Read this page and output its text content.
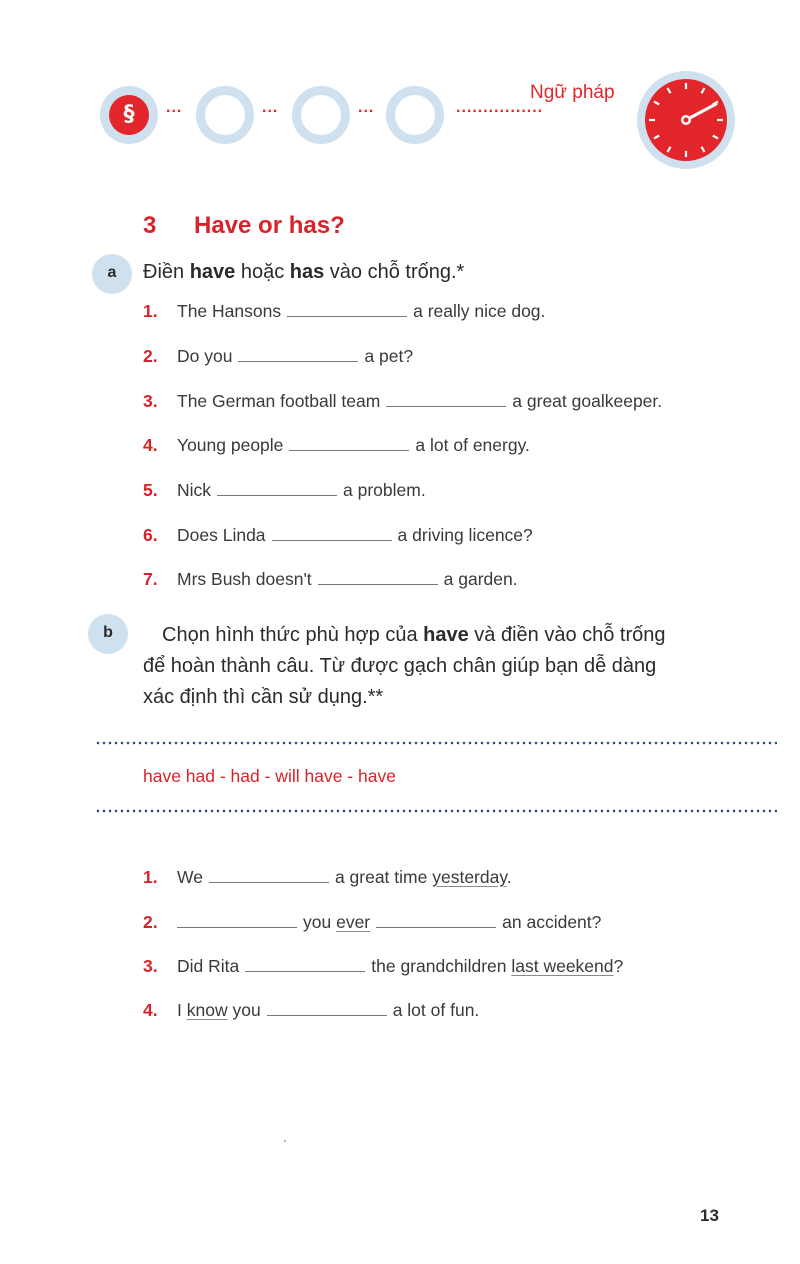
§	...	...	...	................
Ngữ pháp
3 Have or has?
a	Điền have hoặc has vào chỗ trống.*
1. The Hansons	a really nice dog.
2. Do you	a pet?
3. The German football team	a great goalkeeper.
4. Young people	a lot of energy.
5. Nick	a problem.
6. Does Linda	a driving licence?
7. Mrs Bush doesn't	a garden.
b	Chọn hình thức phù hợp của have và điền vào chỗ trống
để hoàn thành câu. Từ được gạch chân giúp bạn dễ dàng
xác định thì cần sử dụng.**
have had - had - will have - have
1. We	a great time yesterday.
2.	you ever	an accident?
3. Did Rita	the grandchildren last weekend?
4. I know you	a lot of fun.
13
